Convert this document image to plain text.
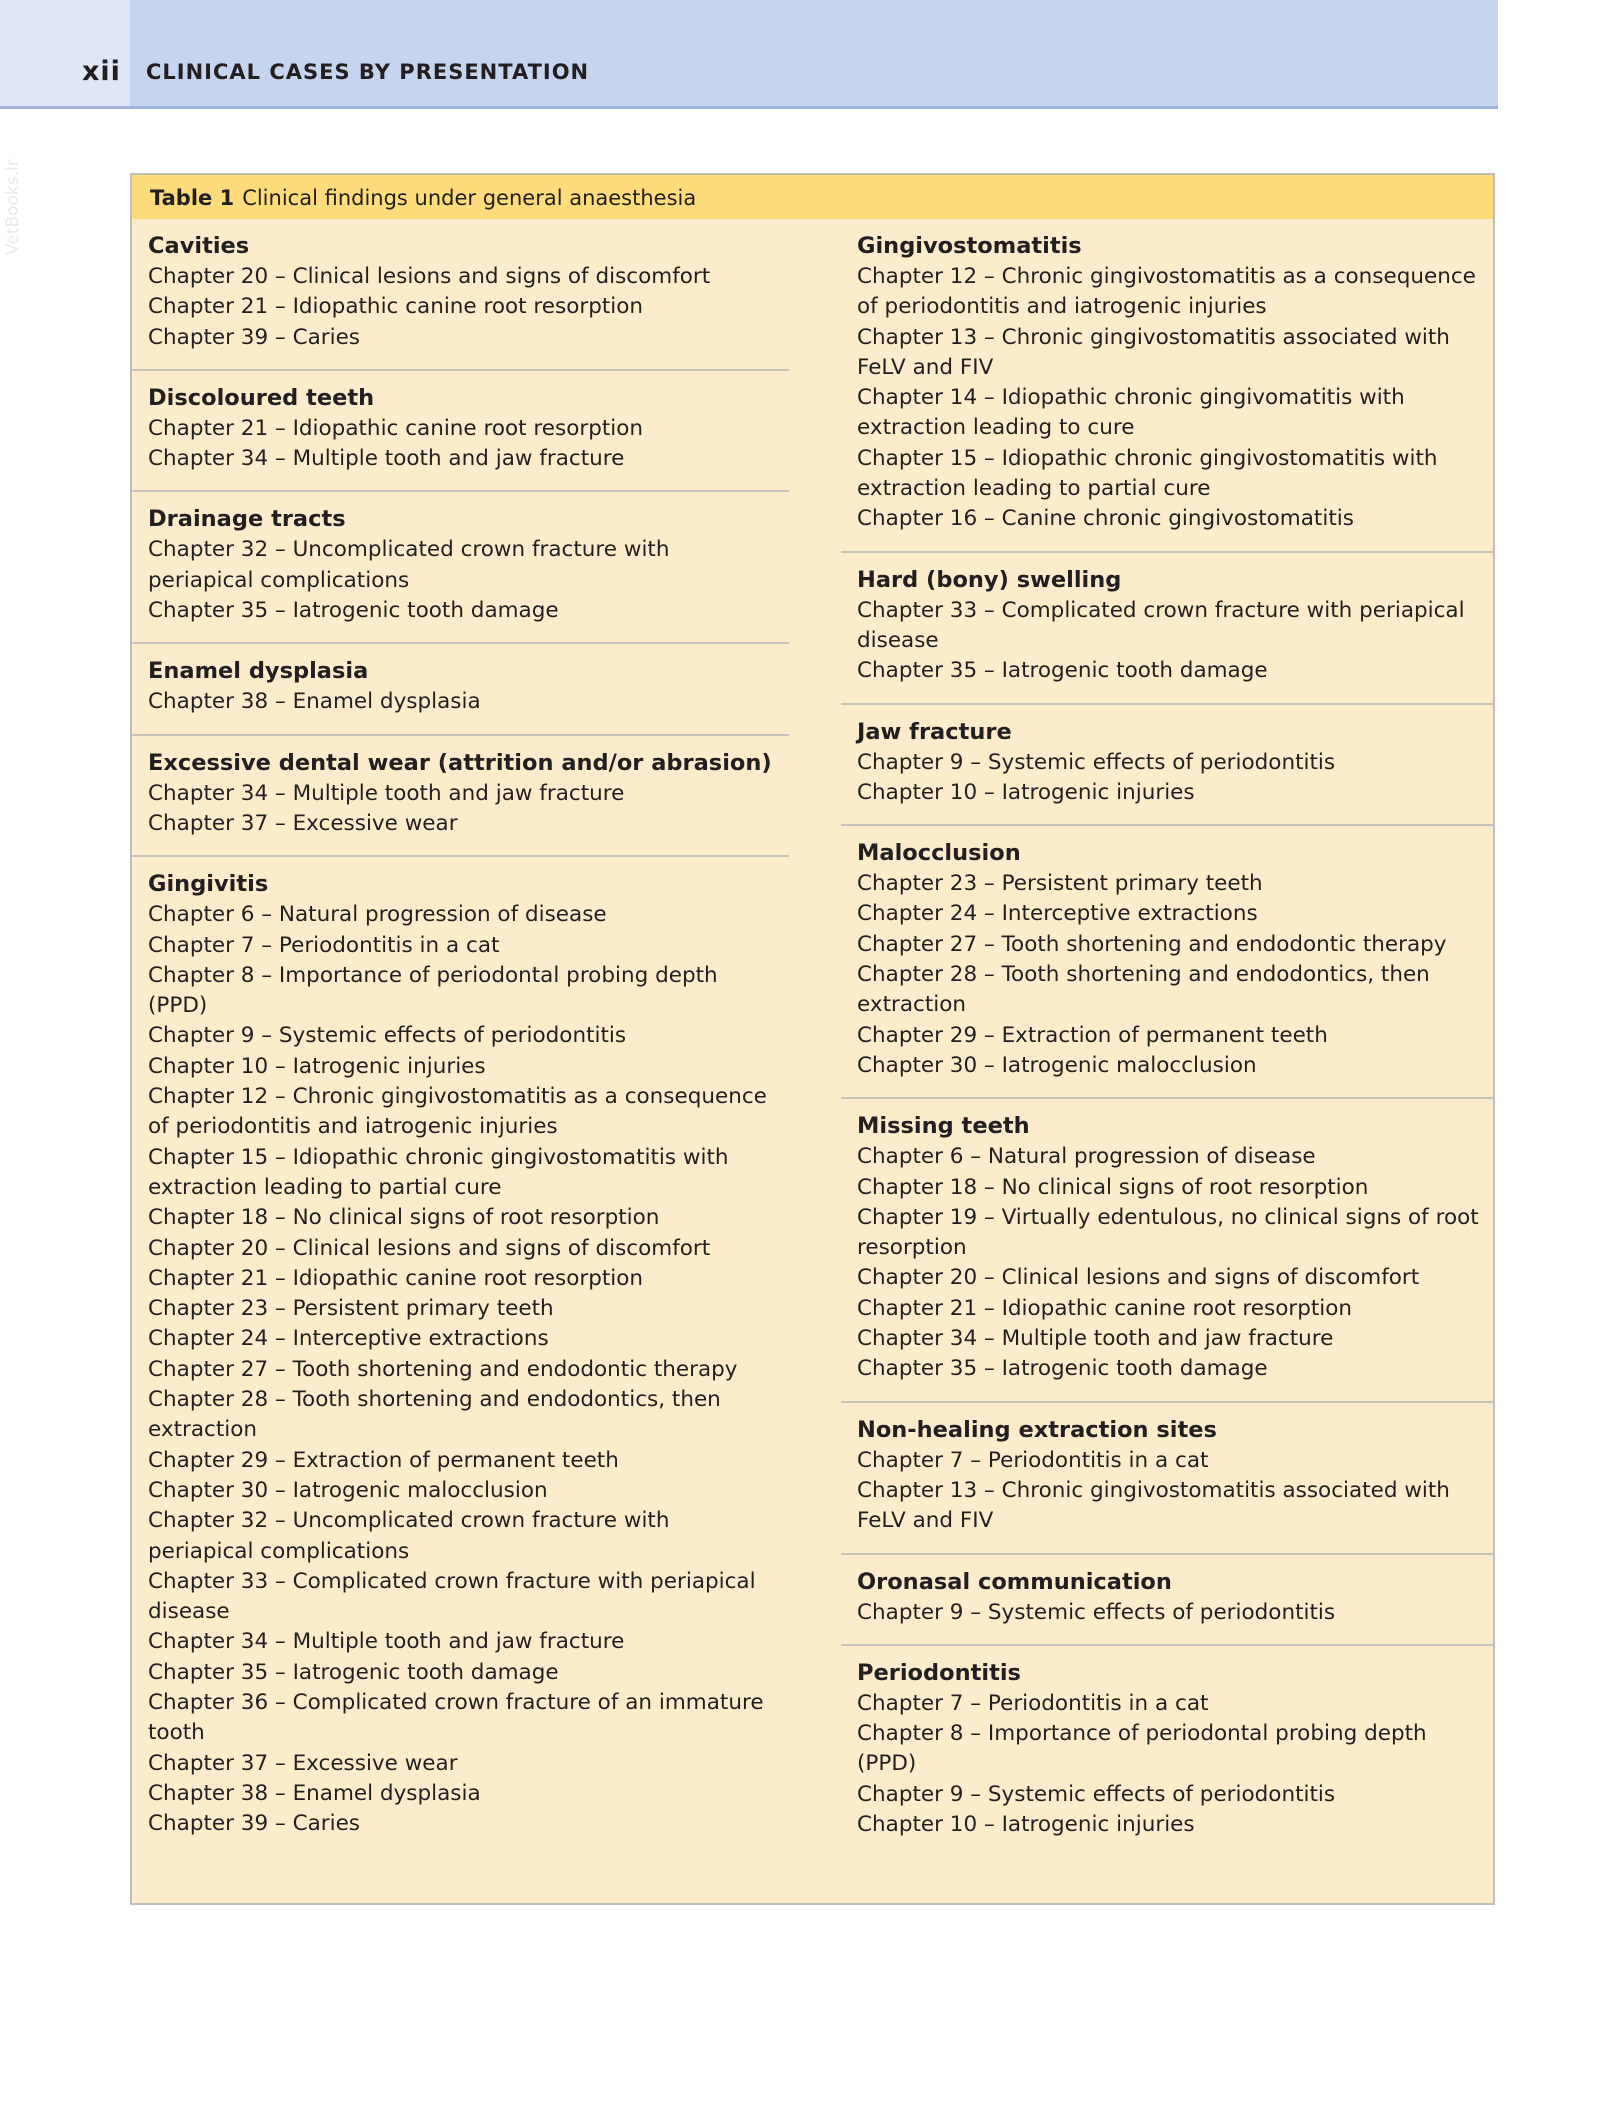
xii CLINICAL CASES BY PRESENTATION
VetBooks.ir	Table 1 Clinical findings under general anaesthesia
Cavities
Chapter 20 – Clinical lesions and signs of discomfort
Chapter 21 – Idiopathic canine root resorption
Chapter 39 – Caries
Discoloured teeth
Chapter 21 – Idiopathic canine root resorption
Chapter 34 – Multiple tooth and jaw fracture
Drainage tracts
Chapter 32 – Uncomplicated crown fracture with periapical complications
Chapter 35 – Iatrogenic tooth damage
Enamel dysplasia
Chapter 38 – Enamel dysplasia
Excessive dental wear (attrition and/or abrasion)
Chapter 34 – Multiple tooth and jaw fracture
Chapter 37 – Excessive wear
Gingivitis
Chapter 6 – Natural progression of disease
Chapter 7 – Periodontitis in a cat
Chapter 8 – Importance of periodontal probing depth (PPD)
Chapter 9 – Systemic effects of periodontitis
Chapter 10 – Iatrogenic injuries
Chapter 12 – Chronic gingivostomatitis as a consequence of periodontitis and iatrogenic injuries
Chapter 15 – Idiopathic chronic gingivostomatitis with extraction leading to partial cure
Chapter 18 – No clinical signs of root resorption
Chapter 20 – Clinical lesions and signs of discomfort
Chapter 21 – Idiopathic canine root resorption
Chapter 23 – Persistent primary teeth
Chapter 24 – Interceptive extractions
Chapter 27 – Tooth shortening and endodontic therapy
Chapter 28 – Tooth shortening and endodontics, then extraction
Chapter 29 – Extraction of permanent teeth
Chapter 30 – Iatrogenic malocclusion
Chapter 32 – Uncomplicated crown fracture with periapical complications
Chapter 33 – Complicated crown fracture with periapical disease
Chapter 34 – Multiple tooth and jaw fracture
Chapter 35 – Iatrogenic tooth damage
Chapter 36 – Complicated crown fracture of an immature tooth
Chapter 37 – Excessive wear
Chapter 38 – Enamel dysplasia
Chapter 39 – Caries
Gingivostomatitis
Chapter 12 – Chronic gingivostomatitis as a consequence of periodontitis and iatrogenic injuries
Chapter 13 – Chronic gingivostomatitis associated with FeLV and FIV
Chapter 14 – Idiopathic chronic gingivomatitis with extraction leading to cure
Chapter 15 – Idiopathic chronic gingivostomatitis with extraction leading to partial cure
Chapter 16 – Canine chronic gingivostomatitis
Hard (bony) swelling
Chapter 33 – Complicated crown fracture with periapical disease
Chapter 35 – Iatrogenic tooth damage
Jaw fracture
Chapter 9 – Systemic effects of periodontitis
Chapter 10 – Iatrogenic injuries
Malocclusion
Chapter 23 – Persistent primary teeth
Chapter 24 – Interceptive extractions
Chapter 27 – Tooth shortening and endodontic therapy
Chapter 28 – Tooth shortening and endodontics, then extraction
Chapter 29 – Extraction of permanent teeth
Chapter 30 – Iatrogenic malocclusion
Missing teeth
Chapter 6 – Natural progression of disease
Chapter 18 – No clinical signs of root resorption
Chapter 19 – Virtually edentulous, no clinical signs of root resorption
Chapter 20 – Clinical lesions and signs of discomfort
Chapter 21 – Idiopathic canine root resorption
Chapter 34 – Multiple tooth and jaw fracture
Chapter 35 – Iatrogenic tooth damage
Non-healing extraction sites
Chapter 7 – Periodontitis in a cat
Chapter 13 – Chronic gingivostomatitis associated with FeLV and FIV
Oronasal communication
Chapter 9 – Systemic effects of periodontitis
Periodontitis
Chapter 7 – Periodontitis in a cat
Chapter 8 – Importance of periodontal probing depth (PPD)
Chapter 9 – Systemic effects of periodontitis
Chapter 10 – Iatrogenic injuries
